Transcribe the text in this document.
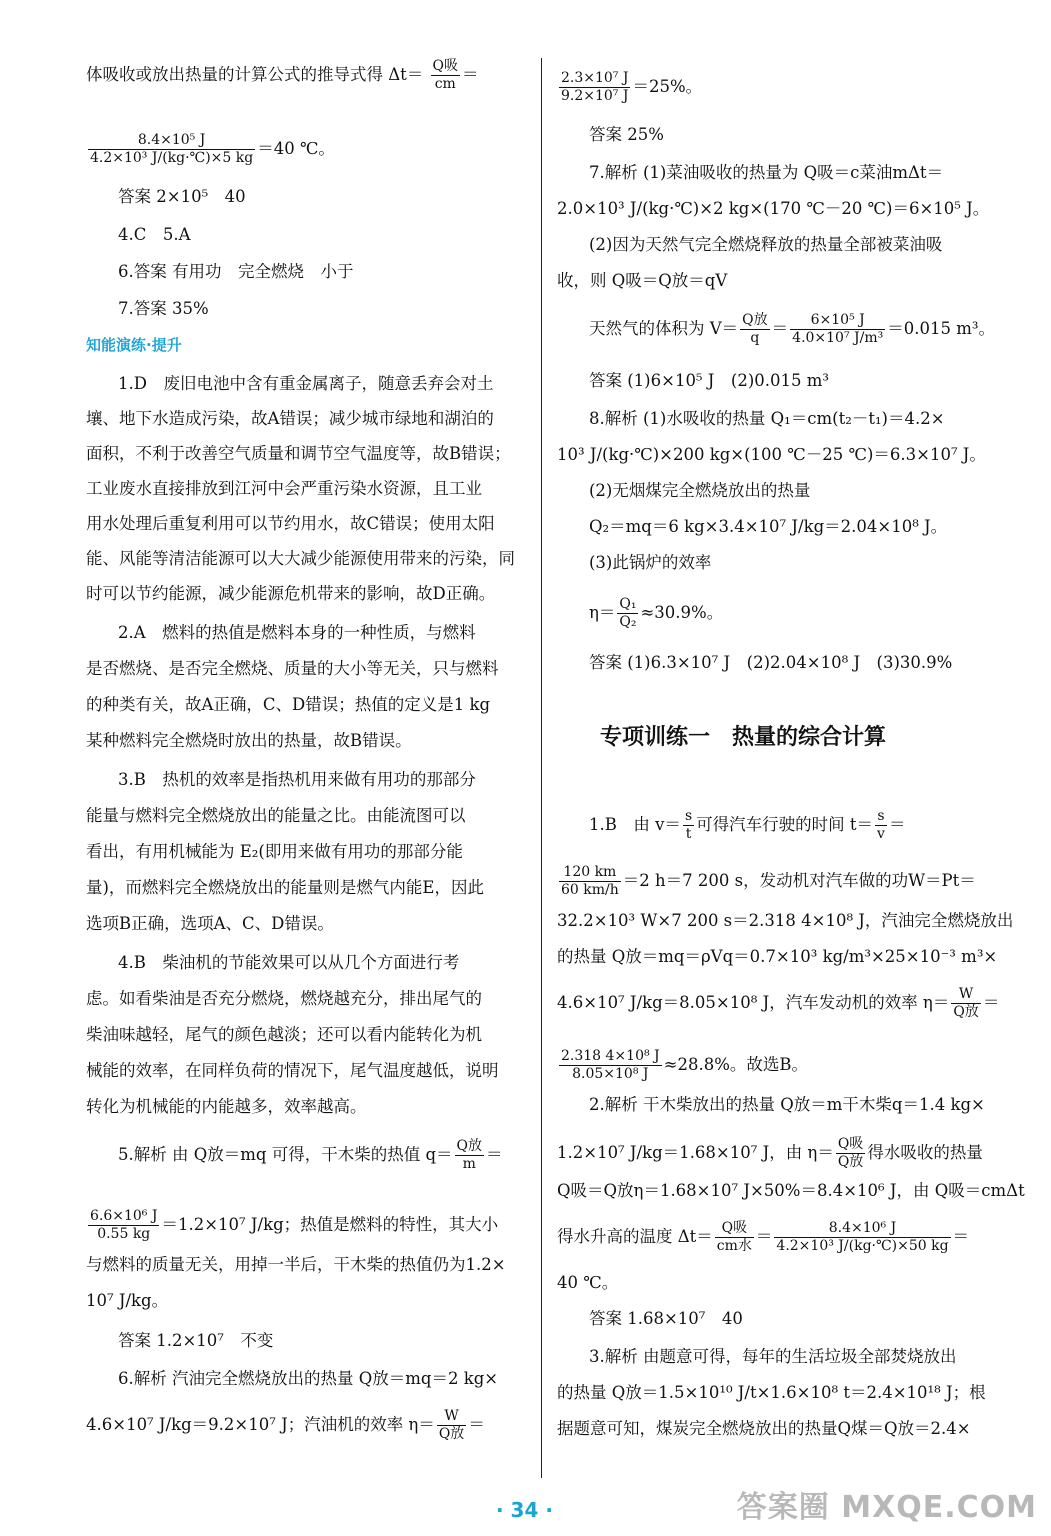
体吸收或放出热量的计算公式的推导式得 $\Delta t= \frac{\text{Q吸}}{cm}$ ＝
$\frac{\text{8.4×10⁵ J}}{\text{4.2×10³ J/(kg·℃)×5 kg}} =40$ ℃。
答案 2×10⁵　40
4.C　5.A
6.答案 有用功　完全燃烧　小于
7.答案 35%
知能演练·提升
1.D　废旧电池中含有重金属离子，随意丢弃会对土
壤、地下水造成污染，故A错误；减少城市绿地和湖泊的
面积，不利于改善空气质量和调节空气温度等，故B错误；
工业废水直接排放到江河中会严重污染水资源，且工业
用水处理后重复利用可以节约用水，故C错误；使用太阳
能、风能等清洁能源可以大大减少能源使用带来的污染，同
时可以节约能源，减少能源危机带来的影响，故D正确。
2.A　燃料的热值是燃料本身的一种性质，与燃料
是否燃烧、是否完全燃烧、质量的大小等无关，只与燃料
的种类有关，故A正确，C、D错误；热值的定义是1 kg
某种燃料完全燃烧时放出的热量，故B错误。
3.B　热机的效率是指热机用来做有用功的那部分
能量与燃料完全燃烧放出的能量之比。由能流图可以
看出，有用机械能为 E₂(即用来做有用功的那部分能
量)，而燃料完全燃烧放出的能量则是燃气内能E，因此
选项B正确，选项A、C、D错误。
4.B　柴油机的节能效果可以从几个方面进行考
虑。如看柴油是否充分燃烧，燃烧越充分，排出尾气的
柴油味越轻，尾气的颜色越淡；还可以看内能转化为机
械能的效率，在同样负荷的情况下，尾气温度越低，说明
转化为机械能的内能越多，效率越高。
5.解析 由 Q放＝mq 可得，干木柴的热值 $q= \frac{\text{Q放}}{m}$ ＝
$\frac{\text{6.6×10⁶ J}}{0.55 kg} =1.2\times 10^7$ J/kg；热值是燃料的特性，其大小
与燃料的质量无关，用掉一半后，干木柴的热值仍为1.2×
10⁷ J/kg。
答案 1.2×10⁷　不变
6.解析 汽油完全燃烧放出的热量 Q放＝mq＝2 kg×
4.6×10⁷ J/kg＝9.2×10⁷ J；汽油机的效率 $\eta= \frac{W}{\text{Q放}}$ ＝
$\frac{\text{2.3×10⁷ J}}{\text{9.2×10⁷ J}} =25\%$。
答案 25%
7.解析 (1)菜油吸收的热量为 Q吸＝c菜油mΔt＝
2.0×10³ J/(kg·℃)×2 kg×(170 ℃－20 ℃)＝6×10⁵ J。
(2)因为天然气完全燃烧释放的热量全部被菜油吸
收，则 Q吸＝Q放＝qV
天然气的体积为 $V= \frac{\text{Q放}}{q} = \frac{\text{6×10⁵ J}}{\text{4.0×10⁷ J/m³}} =0.015$ m³。
答案 (1)6×10⁵ J　(2)0.015 m³
8.解析 (1)水吸收的热量 Q₁＝cm(t₂－t₁)＝4.2×
10³ J/(kg·℃)×200 kg×(100 ℃－25 ℃)＝6.3×10⁷ J。
(2)无烟煤完全燃烧放出的热量
Q₂＝mq＝6 kg×3.4×10⁷ J/kg＝2.04×10⁸ J。
(3)此锅炉的效率
$\eta= \frac{\text{Q₁}}{\text{Q₂}} \approx 30.9\%$。
答案 (1)6.3×10⁷ J　(2)2.04×10⁸ J　(3)30.9%
1.B　由 $v= \frac{s}{t}$ 可得汽车行驶的时间 $t= \frac{s}{v}$ ＝
$\frac{120 km}{60 km/h} =2$ h＝7 200 s，发动机对汽车做的功W＝Pt＝
32.2×10³ W×7 200 s＝2.318 4×10⁸ J，汽油完全燃烧放出
的热量 Q放＝mq＝ρVq＝0.7×10³ kg/m³×25×10⁻³ m³×
4.6×10⁷ J/kg＝8.05×10⁸ J，汽车发动机的效率 $\eta= \frac{W}{\text{Q放}}$ ＝
$\frac{\text{2.318 4×10⁸ J}}{\text{8.05×10⁸ J}} \approx 28.8\%$。故选B。
2.解析 干木柴放出的热量 Q放＝m干木柴q＝1.4 kg×
1.2×10⁷ J/kg＝1.68×10⁷ J，由 $\eta= \frac{\text{Q吸}}{\text{Q放}}$ 得水吸收的热量
Q吸＝Q放η＝1.68×10⁷ J×50%＝8.4×10⁶ J，由 Q吸＝cmΔt
得水升高的温度 $\Delta t= \frac{\text{Q吸}}{\text{cm水}} = \frac{\text{8.4×10⁶ J}}{\text{4.2×10³ J/(kg·℃)×50 kg}}$ ＝
40 ℃。
答案 1.68×10⁷　40
3.解析 由题意可得，每年的生活垃圾全部焚烧放出
的热量 Q放＝1.5×10¹⁰ J/t×1.6×10⁸ t＝2.4×10¹⁸ J；根
据题意可知，煤炭完全燃烧放出的热量Q煤＝Q放＝2.4×
专项训练一　热量的综合计算
· 34 ·	答案圈 MXQE.COM
